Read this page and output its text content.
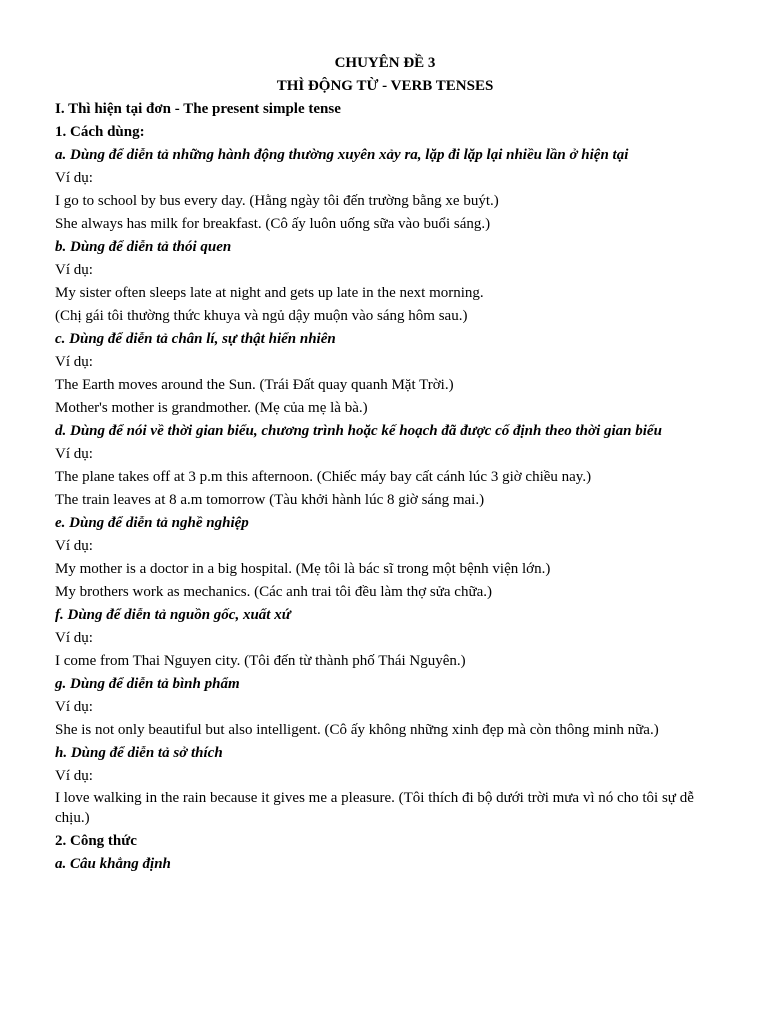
CHUYÊN ĐỀ 3
THÌ ĐỘNG TỪ - VERB TENSES
I. Thì hiện tại đơn - The present simple tense
1. Cách dùng:
a. Dùng để diễn tả những hành động thường xuyên xảy ra, lặp đi lặp lại nhiều lần ở hiện tại
Ví dụ:
I go to school by bus every day. (Hằng ngày tôi đến trường bằng xe buýt.)
She always has milk for breakfast. (Cô ấy luôn uống sữa vào buổi sáng.)
b. Dùng để diễn tả thói quen
Ví dụ:
My sister often sleeps late at night and gets up late in the next morning.
(Chị gái tôi thường thức khuya và ngủ dậy muộn vào sáng hôm sau.)
c. Dùng để diễn tả chân lí, sự thật hiển nhiên
Ví dụ:
The Earth moves around the Sun. (Trái Đất quay quanh Mặt Trời.)
Mother's mother is grandmother. (Mẹ của mẹ là bà.)
d. Dùng để nói về thời gian biểu, chương trình hoặc kế hoạch đã được cố định theo thời gian biểu
Ví dụ:
The plane takes off at 3 p.m this afternoon. (Chiếc máy bay cất cánh lúc 3 giờ chiều nay.)
The train leaves at 8 a.m tomorrow (Tàu khởi hành lúc 8 giờ sáng mai.)
e. Dùng để diễn tả nghề nghiệp
Ví dụ:
My mother is a doctor in a big hospital. (Mẹ tôi là bác sĩ trong một bệnh viện lớn.)
My brothers work as mechanics. (Các anh trai tôi đều làm thợ sửa chữa.)
f. Dùng để diễn tả nguồn gốc, xuất xứ
Ví dụ:
I come from Thai Nguyen city. (Tôi đến từ thành phố Thái Nguyên.)
g. Dùng để diễn tả bình phẩm
Ví dụ:
She is not only beautiful but also intelligent. (Cô ấy không những xinh đẹp mà còn thông minh nữa.)
h. Dùng để diễn tả sở thích
Ví dụ:
I love walking in the rain because it gives me a pleasure. (Tôi thích đi bộ dưới trời mưa vì nó cho tôi sự dễ chịu.)
2. Công thức
a. Câu khẳng định
